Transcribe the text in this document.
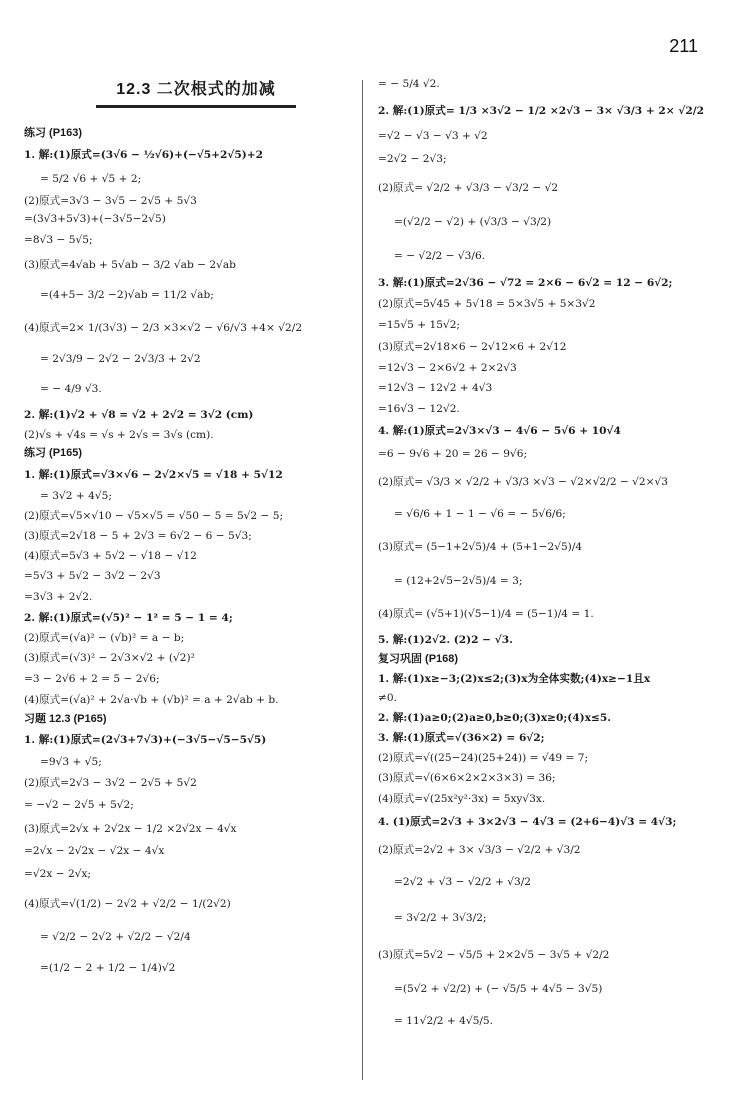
211
12.3 二次根式的加减
练习 (P163)
1. 解:(1)原式=(3√6 − ½√6)+(−√5+2√5)+2
= 5/2 √6 + √5 + 2;
(2)原式=3√3 − 3√5 − 2√5 + 5√3
=(3√3+5√3)+(−3√5−2√5)
=8√3 − 5√5;
(3)原式=4√ab + 5√ab − 3/2 √ab − 2√ab
=(4+5− 3/2 −2)√ab = 11/2 √ab;
(4)原式=2× 1/(3√3) − 2/3 ×3×√2 − √6/√3 +4× √2/2
= 2√3/9 − 2√2 − 2√3/3 + 2√2
= − 4/9 √3.
2. 解:(1)√2 + √8 = √2 + 2√2 = 3√2 (cm)
(2)√s + √4s = √s + 2√s = 3√s (cm).
练习 (P165)
1. 解:(1)原式=√3×√6 − 2√2×√5 = √18 + 5√12
= 3√2 + 4√5;
(2)原式=√5×√10 − √5×√5 = √50 − 5 = 5√2 − 5;
(3)原式=2√18 − 5 + 2√3 = 6√2 − 6 − 5√3;
(4)原式=5√3 + 5√2 − √18 − √12
=5√3 + 5√2 − 3√2 − 2√3
=3√3 + 2√2.
2. 解:(1)原式=(√5)² − 1² = 5 − 1 = 4;
(2)原式=(√a)² − (√b)² = a − b;
(3)原式=(√3)² − 2√3×√2 + (√2)²
=3 − 2√6 + 2 = 5 − 2√6;
(4)原式=(√a)² + 2√a·√b + (√b)² = a + 2√ab + b.
习题 12.3 (P165)
1. 解:(1)原式=(2√3+7√3)+(−3√5−√5−5√5)
=9√3 + √5;
(2)原式=2√3 − 3√2 − 2√5 + 5√2
= −√2 − 2√5 + 5√2;
(3)原式=2√x + 2√2x − 1/2 ×2√2x − 4√x
=2√x − 2√2x − √2x − 4√x
=√2x − 2√x;
(4)原式=√(1/2) − 2√2 + √2/2 − 1/(2√2)
= √2/2 − 2√2 + √2/2 − √2/4
=(1/2 − 2 + 1/2 − 1/4)√2
= − 5/4 √2.
2. 解:(1)原式= 1/3 ×3√2 − 1/2 ×2√3 − 3× √3/3 + 2× √2/2
=√2 − √3 − √3 + √2
=2√2 − 2√3;
(2)原式= √2/2 + √3/3 − √3/2 − √2
=(√2/2 − √2) + (√3/3 − √3/2)
= − √2/2 − √3/6.
3. 解:(1)原式=2√36 − √72 = 2×6 − 6√2 = 12 − 6√2;
(2)原式=5√45 + 5√18 = 5×3√5 + 5×3√2
=15√5 + 15√2;
(3)原式=2√18×6 − 2√12×6 + 2√12
=12√3 − 2×6√2 + 2×2√3
=12√3 − 12√2 + 4√3
=16√3 − 12√2.
4. 解:(1)原式=2√3×√3 − 4√6 − 5√6 + 10√4
=6 − 9√6 + 20 = 26 − 9√6;
(2)原式= √3/3 × √2/2 + √3/3 ×√3 − √2×√2/2 − √2×√3
= √6/6 + 1 − 1 − √6 = − 5√6/6;
(3)原式= (5−1+2√5)/4 + (5+1−2√5)/4
= (12+2√5−2√5)/4 = 3;
(4)原式= (√5+1)(√5−1)/4 = (5−1)/4 = 1.
5. 解:(1)2√2. (2)2 − √3.
复习巩固 (P168)
1. 解:(1)x≥−3;(2)x≤2;(3)x为全体实数;(4)x≥−1且x
≠0.
2. 解:(1)a≥0;(2)a≥0,b≥0;(3)x≥0;(4)x≤5.
3. 解:(1)原式=√(36×2) = 6√2;
(2)原式=√((25−24)(25+24)) = √49 = 7;
(3)原式=√(6×6×2×2×3×3) = 36;
(4)原式=√(25x²y²·3x) = 5xy√3x.
4. (1)原式=2√3 + 3×2√3 − 4√3 = (2+6−4)√3 = 4√3;
(2)原式=2√2 + 3× √3/3 − √2/2 + √3/2
=2√2 + √3 − √2/2 + √3/2
= 3√2/2 + 3√3/2;
(3)原式=5√2 − √5/5 + 2×2√5 − 3√5 + √2/2
=(5√2 + √2/2) + (− √5/5 + 4√5 − 3√5)
= 11√2/2 + 4√5/5.
